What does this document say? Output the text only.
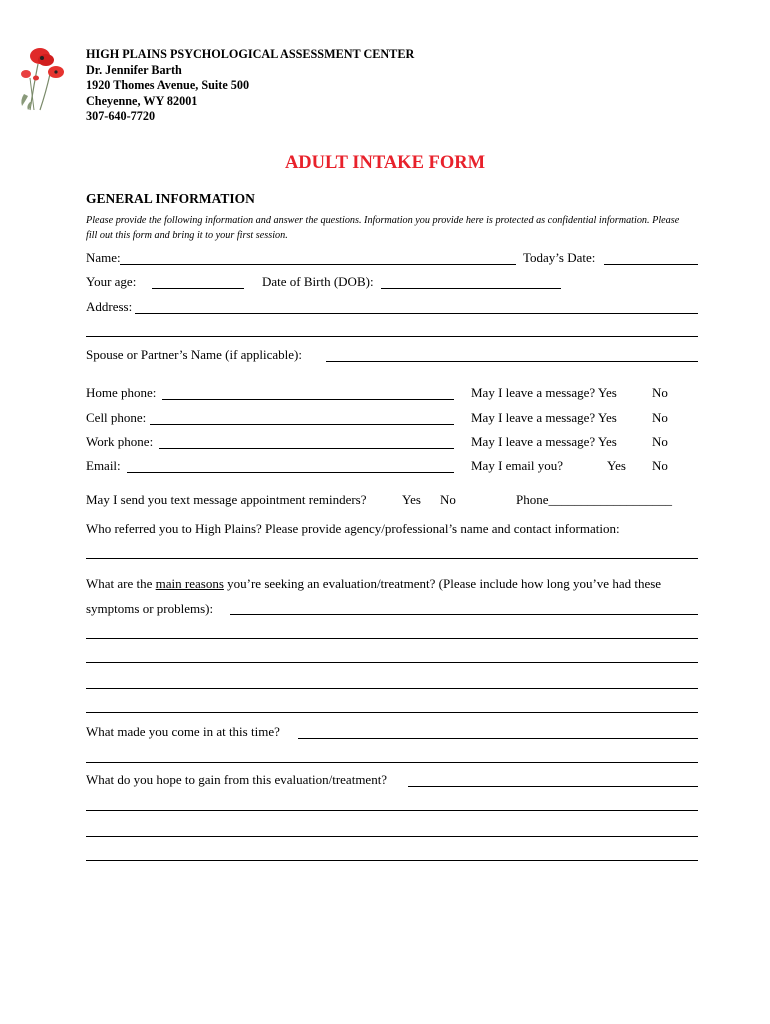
HIGH PLAINS PSYCHOLOGICAL ASSESSMENT CENTER
Dr. Jennifer Barth
1920 Thomes Avenue, Suite 500
Cheyenne, WY 82001
307-640-7720
ADULT INTAKE FORM
GENERAL INFORMATION
Please provide the following information and answer the questions. Information you provide here is protected as confidential information. Please fill out this form and bring it to your first session.
Name:	Today’s Date:
Your age:	Date of Birth (DOB):
Address:
Spouse or Partner’s Name (if applicable):
Home phone:	May I leave a message? Yes	No
Cell phone:	May I leave a message? Yes	No
Work phone:	May I leave a message? Yes	No
Email:	May I email you?	Yes No
May I send you text message appointment reminders?	Yes No	Phone___________________
Who referred you to High Plains? Please provide agency/professional’s name and contact information:
What are the main reasons you’re seeking an evaluation/treatment? (Please include how long you’ve had these
symptoms or problems):
What made you come in at this time?
What do you hope to gain from this evaluation/treatment?
